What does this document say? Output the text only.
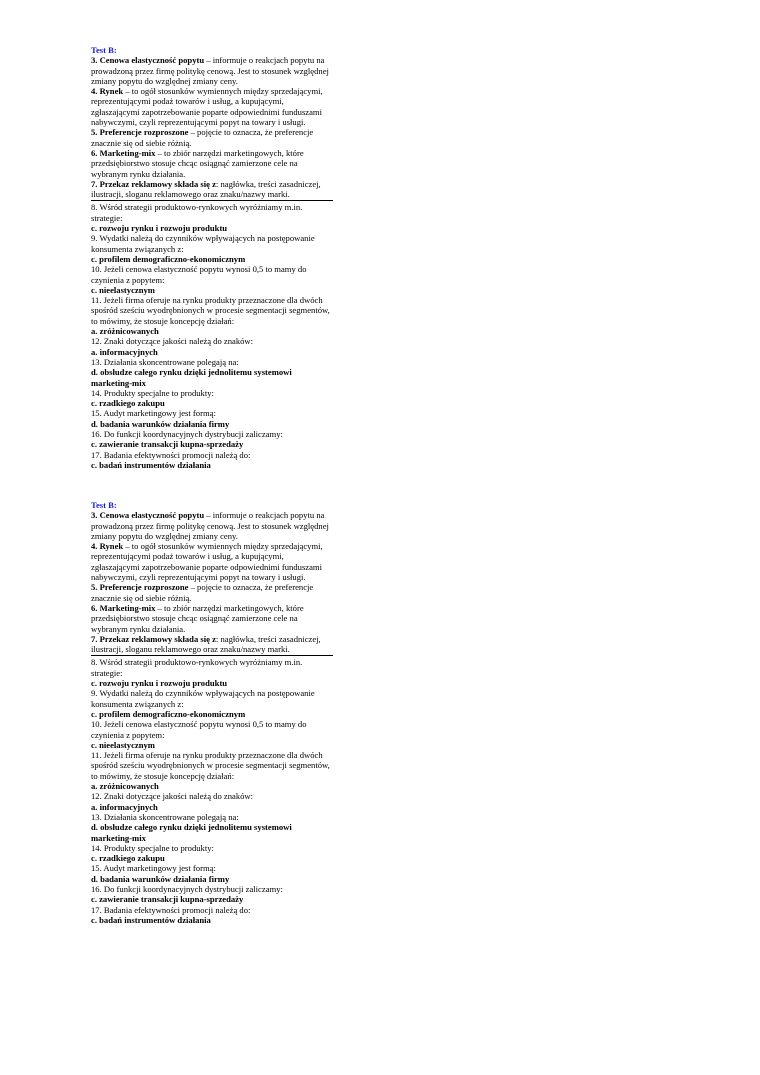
Test B:
3. Cenowa elastyczność popytu – informuje o reakcjach popytu na prowadzoną przez firmę politykę cenową. Jest to stosunek względnej zmiany popytu do względnej zmiany ceny.
4. Rynek – to ogół stosunków wymiennych między sprzedającymi, reprezentującymi podaż towarów i usług, a kupującymi, zgłaszającymi zapotrzebowanie poparte odpowiednimi funduszami nabywczymi, czyli reprezentującymi popyt na towary i usługi.
5. Preferencje rozproszone – pojęcie to oznacza, że preferencje znacznie się od siebie różnią.
6. Marketing-mix – to zbiór narzędzi marketingowych, które przedsiębiorstwo stosuje chcąc osiągnąć zamierzone cele na wybranym rynku działania.
7. Przekaz reklamowy składa się z: nagłówka, treści zasadniczej, ilustracji, sloganu reklamowego oraz znaku/nazwy marki.
8. Wśród strategii produktowo-rynkowych wyróżniamy m.in. strategie:
c. rozwoju rynku i rozwoju produktu
9. Wydatki należą do czynników wpływających na postępowanie konsumenta związanych z:
c. profilem demograficzno-ekonomicznym
10. Jeżeli cenowa elastyczność popytu wynosi 0,5 to mamy do czynienia z popytem:
c. nieelastycznym
11. Jeżeli firma oferuje na rynku produkty przeznaczone dla dwóch spośród sześciu wyodrębnionych w procesie segmentacji segmentów, to mówimy, że stosuje koncepcję działań:
a. zróżnicowanych
12. Znaki dotyczące jakości należą do znaków:
a. informacyjnych
13. Działania skoncentrowane polegają na:
d. obsłudze całego rynku dzięki jednolitemu systemowi marketing-mix
14. Produkty specjalne to produkty:
c. rzadkiego zakupu
15. Audyt marketingowy jest formą:
d. badania warunków działania firmy
16. Do funkcji koordynacyjnych dystrybucji zaliczamy:
c. zawieranie transakcji kupna-sprzedaży
17. Badania efektywności promocji należą do:
c. badań instrumentów działania
Test B:
3. Cenowa elastyczność popytu – informuje o reakcjach popytu na prowadzoną przez firmę politykę cenową. Jest to stosunek względnej zmiany popytu do względnej zmiany ceny.
4. Rynek – to ogół stosunków wymiennych między sprzedającymi, reprezentującymi podaż towarów i usług, a kupującymi, zgłaszającymi zapotrzebowanie poparte odpowiednimi funduszami nabywczymi, czyli reprezentującymi popyt na towary i usługi.
5. Preferencje rozproszone – pojęcie to oznacza, że preferencje znacznie się od siebie różnią.
6. Marketing-mix – to zbiór narzędzi marketingowych, które przedsiębiorstwo stosuje chcąc osiągnąć zamierzone cele na wybranym rynku działania.
7. Przekaz reklamowy składa się z: nagłówka, treści zasadniczej, ilustracji, sloganu reklamowego oraz znaku/nazwy marki.
8. Wśród strategii produktowo-rynkowych wyróżniamy m.in. strategie:
c. rozwoju rynku i rozwoju produktu
9. Wydatki należą do czynników wpływających na postępowanie konsumenta związanych z:
c. profilem demograficzno-ekonomicznym
10. Jeżeli cenowa elastyczność popytu wynosi 0,5 to mamy do czynienia z popytem:
c. nieelastycznym
11. Jeżeli firma oferuje na rynku produkty przeznaczone dla dwóch spośród sześciu wyodrębnionych w procesie segmentacji segmentów, to mówimy, że stosuje koncepcję działań:
a. zróżnicowanych
12. Znaki dotyczące jakości należą do znaków:
a. informacyjnych
13. Działania skoncentrowane polegają na:
d. obsłudze całego rynku dzięki jednolitemu systemowi marketing-mix
14. Produkty specjalne to produkty:
c. rzadkiego zakupu
15. Audyt marketingowy jest formą:
d. badania warunków działania firmy
16. Do funkcji koordynacyjnych dystrybucji zaliczamy:
c. zawieranie transakcji kupna-sprzedaży
17. Badania efektywności promocji należą do:
c. badań instrumentów działania
